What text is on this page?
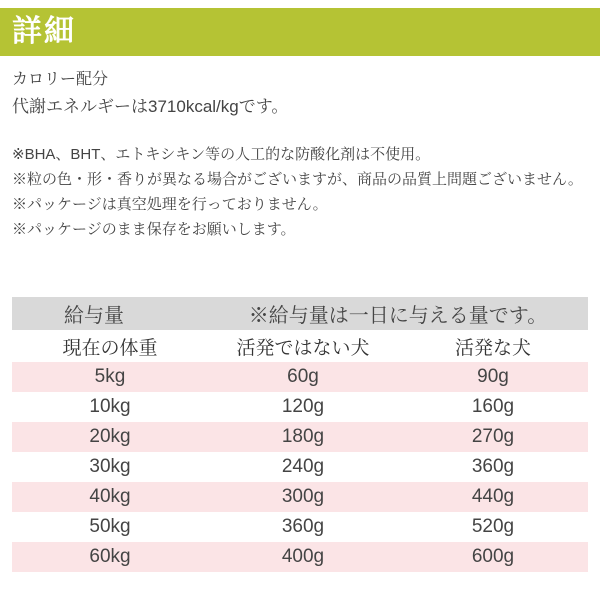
詳細
カロリー配分
代謝エネルギーは3710kcal/kgです。
※BHA、BHT、エトキシキン等の人工的な防酸化剤は不使用。
※粒の色・形・香りが異なる場合がございますが、商品の品質上問題ございません。
※パッケージは真空処理を行っておりません。
※パッケージのまま保存をお願いします。
給与量	※給与量は一日に与える量です。	
現在の体重	活発ではない犬	活発な犬
5kg	60g	90g
10kg	120g	160g
20kg	180g	270g
30kg	240g	360g
40kg	300g	440g
50kg	360g	520g
60kg	400g	600g
